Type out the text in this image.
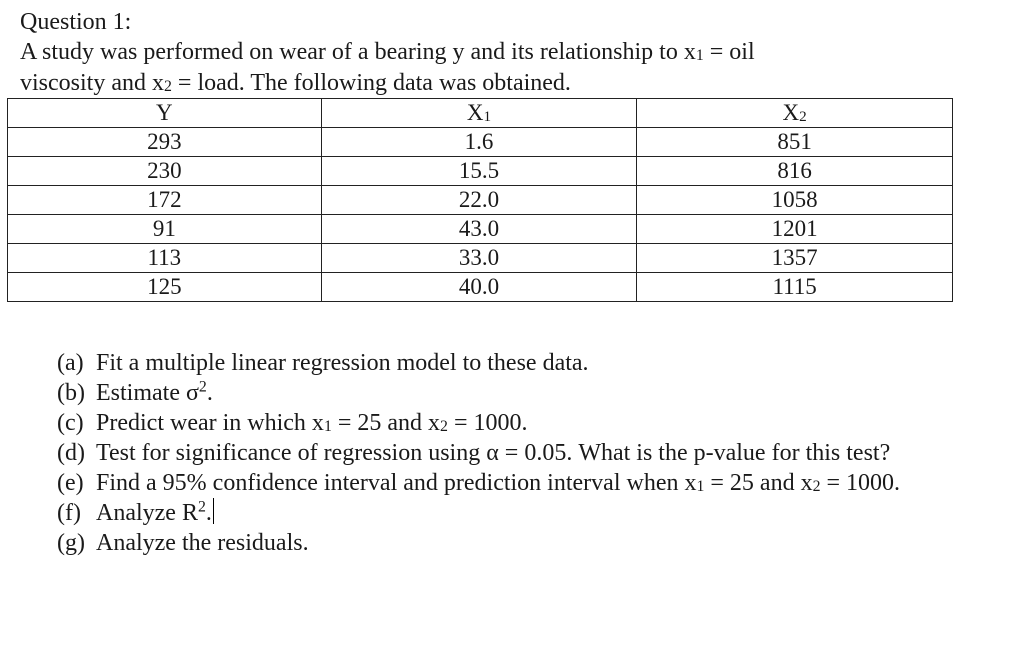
Question 1:
A study was performed on wear of a bearing y and its relationship to $x_1$ = oil
viscosity and $x_2$ = load. The following data was obtained.
Y	$X_1$	$X_2$
293	1.6	851
230	15.5	816
172	22.0	1058
91	43.0	1201
113	33.0	1357
125	40.0	1115
(a) Fit a multiple linear regression model to these data.
(b) Estimate $\sigma^2$.
(c) Predict wear in which $x_1 = 25$ and $x_2 = 1000$.
(d) Test for significance of regression using α = 0.05. What is the p-value for this test?
(e) Find a 95% confidence interval and prediction interval when $x_1 = 25$ and $x_2 = 1000$.
(f) Analyze $R^2$.
(g) Analyze the residuals.
